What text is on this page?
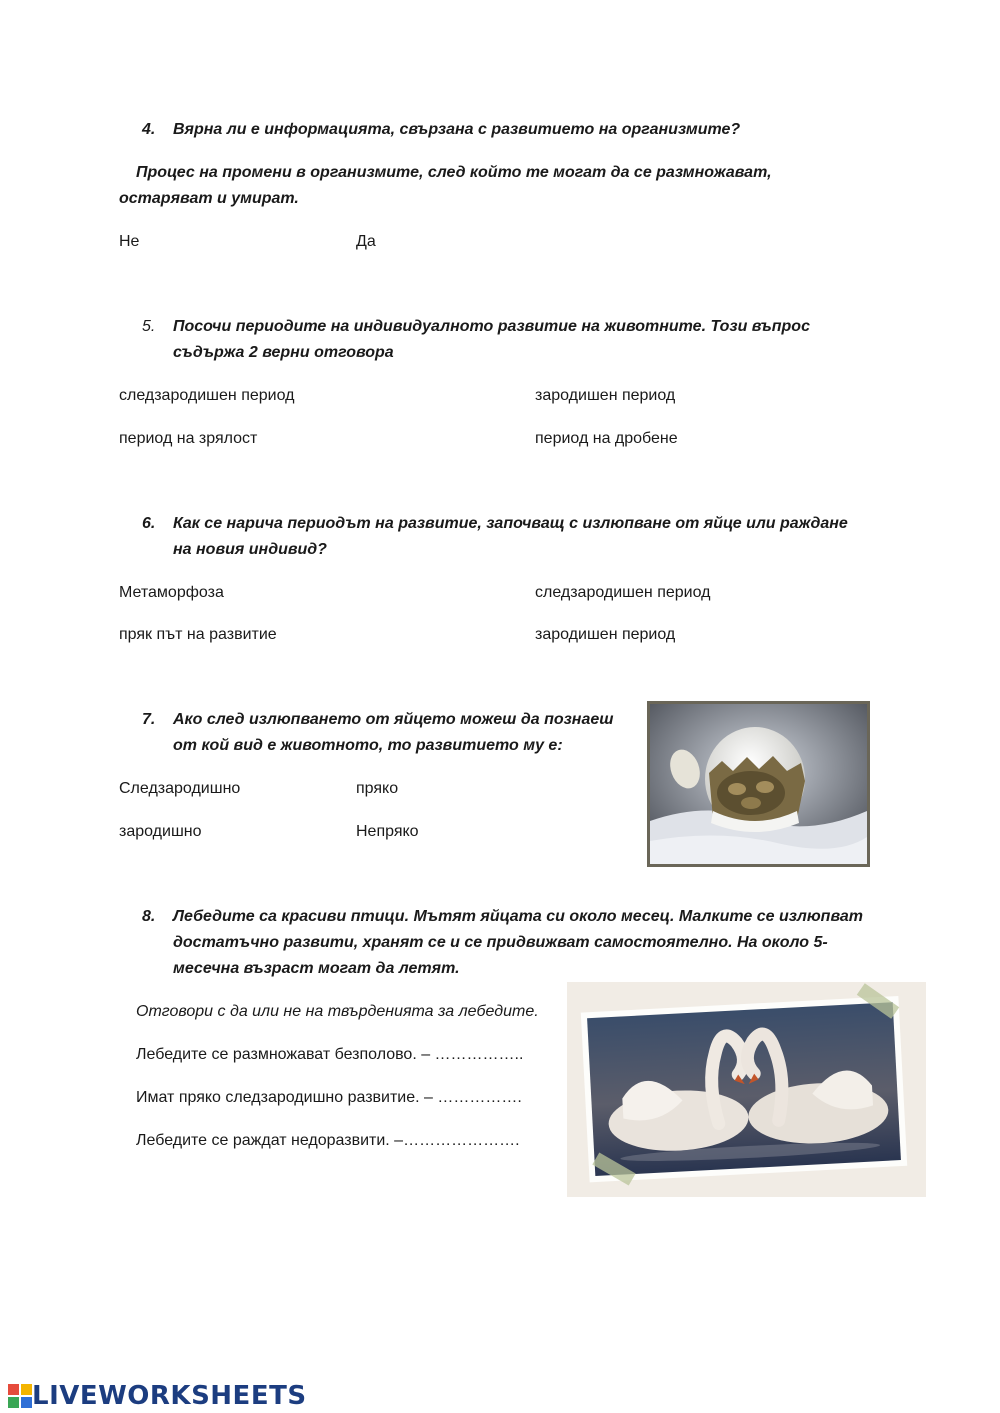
4.	Вярна ли е информацията, свързана с развитието на организмите?
Процес на промени в организмите, след който те могат да се размножават,
остаряват и умират.
Не	Да
5.	Посочи периодите на индивидуалното развитие на животните. Този въпрос
съдържа 2 верни отговора
следзародишен период	зародишен период
период на зрялост	период на дробене
6.	Как се нарича периодът на развитие, започващ с излюпване от яйце или раждане
на новия индивид?
Метаморфоза	следзародишен период
пряк път на развитие	зародишен период
7.	Ако след излюпването от яйцето можеш да познаеш
от кой вид е животното, то развитието му е:
Следзародишно	пряко
зародишно	Непряко
8.	Лебедите са красиви птици. Мътят яйцата си около месец. Малките се излюпват
достатъчно развити, хранят се и се придвижват самостоятелно. На около 5-
месечна възраст могат да летят.
Отговори с да или не на твърденията за лебедите.
Лебедите се размножават безполово. – ……………..
Имат пряко следзародишно развитие. – …………….
Лебедите се раждат недоразвити. –………………….
LIVEWORKSHEETS
